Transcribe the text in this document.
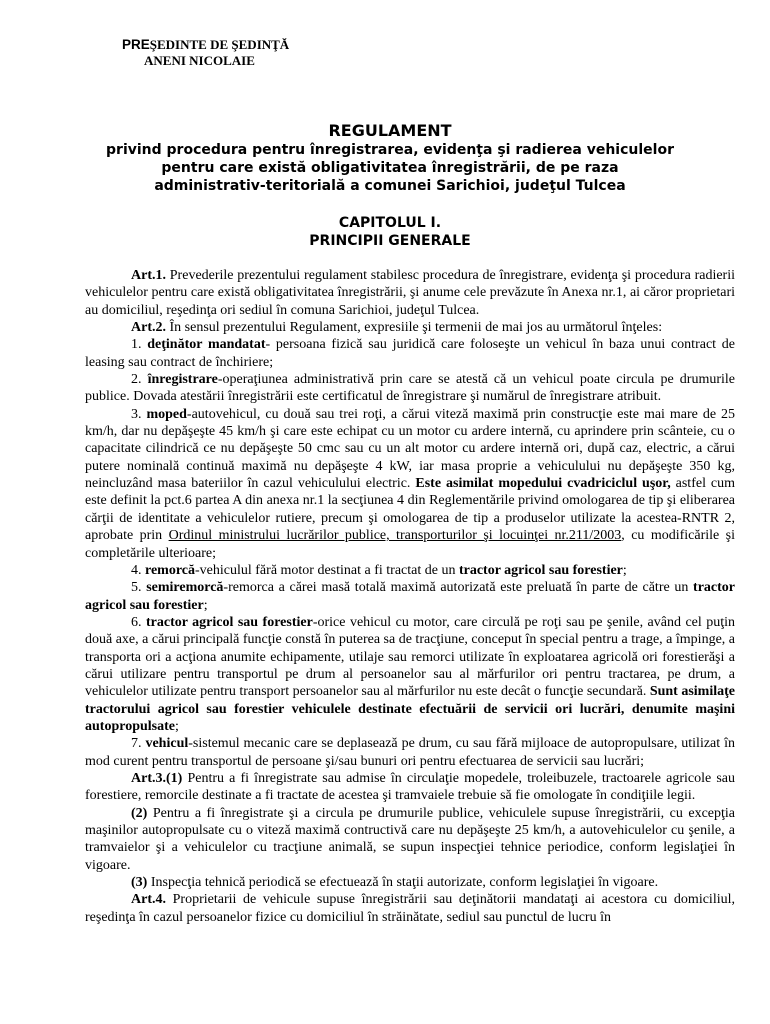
PREŞEDINTE DE ŞEDINŢĂ
ANENI NICOLAIE
REGULAMENT
privind procedura pentru înregistrarea, evidenţa şi radierea vehiculelor
pentru care există obligativitatea înregistrării, de pe raza
administrativ-teritorială a comunei Sarichioi, judeţul Tulcea
CAPITOLUL I.
PRINCIPII GENERALE

Art.1. Prevederile prezentului regulament stabilesc procedura de înregistrare, evidenţa şi procedura radierii vehiculelor pentru care există obligativitatea înregistrării, şi anume cele prevăzute în Anexa nr.1, ai căror proprietari au domiciliul, reşedinţa ori sediul în comuna Sarichioi, judeţul Tulcea.

Art.2. În sensul prezentului Regulament, expresiile şi termenii de mai jos au următorul înţeles:

1. deţinător mandatat- persoana fizică sau juridică care foloseşte un vehicul în baza unui contract de leasing sau contract de închiriere;

2. înregistrare-operaţiunea administrativă prin care se atestă că un vehicul poate circula pe drumurile publice. Dovada atestării înregistrării este certificatul de înregistrare şi numărul de înregistrare atribuit.

3. moped-autovehicul, cu două sau trei roţi, a cărui viteză maximă prin construcţie este mai mare de 25 km/h, dar nu depăşeşte 45 km/h şi care este echipat cu un motor cu ardere internă, cu aprindere prin scânteie, cu o capacitate cilindrică ce nu depăşeşte 50 cmc sau cu un alt motor cu ardere internă ori, după caz, electric, a cărui putere nominală continuă maximă nu depăşeşte 4 kW, iar masa proprie a vehiculului nu depăşeşte 350 kg, neincluzând masa bateriilor în cazul vehiculului electric. Este asimilat mopedului cvadriciclul uşor, astfel cum este definit la pct.6 partea A din anexa nr.1 la secţiunea 4 din Reglementările privind omologarea de tip şi eliberarea cărţii de identitate a vehiculelor rutiere, precum şi omologarea de tip a produselor utilizate la acestea-RNTR 2, aprobate prin Ordinul ministrului lucrărilor publice, transporturilor şi locuinţei nr.211/2003, cu modificările şi completările ulterioare;

4. remorcă-vehiculul fără motor destinat a fi tractat de un tractor agricol sau forestier;

5. semiremorcă-remorca a cărei masă totală maximă autorizată este preluată în parte de către un tractor agricol sau forestier;

6. tractor agricol sau forestier-orice vehicul cu motor, care circulă pe roţi sau pe şenile, având cel puţin două axe, a cărui principală funcţie constă în puterea sa de tracţiune, conceput în special pentru a trage, a împinge, a transporta ori a acţiona anumite echipamente, utilaje sau remorci utilizate în exploatarea agricolă ori forestierăşi a cărui utilizare pentru transportul pe drum al persoanelor sau al mărfurilor ori pentru tractarea, pe drum, a vehiculelor utilizate pentru transport persoanelor sau al mărfurilor nu este decât o funcţie secundară. Sunt asimilaţe tractorului agricol sau forestier vehiculele destinate efectuării de servicii ori lucrări, denumite maşini autopropulsate;

7. vehicul-sistemul mecanic care se deplasează pe drum, cu sau fără mijloace de autopropulsare, utilizat în mod curent pentru transportul de persoane şi/sau bunuri ori pentru efectuarea de servicii sau lucrări;

Art.3.(1) Pentru a fi înregistrate sau admise în circulaţie mopedele, troleibuzele, tractoarele agricole sau forestiere, remorcile destinate a fi tractate de acestea şi tramvaiele trebuie să fie omologate în condiţiile legii.

(2) Pentru a fi înregistrate şi a circula pe drumurile publice, vehiculele supuse înregistrării, cu excepţia maşinilor autopropulsate cu o viteză maximă contructivă care nu depăşeşte 25 km/h, a autovehiculelor cu şenile, a tramvaielor şi a vehiculelor cu tracţiune animală, se supun inspecţiei tehnice periodice, conform legislaţiei în vigoare.

(3) Inspecţia tehnică periodică se efectuează în staţii autorizate, conform legislaţiei în vigoare.

Art.4. Proprietarii de vehicule supuse înregistrării sau deţinătorii mandataţi ai acestora cu domiciliul, reşedinţa în cazul persoanelor fizice cu domiciliul în străinătate, sediul sau punctul de lucru în
